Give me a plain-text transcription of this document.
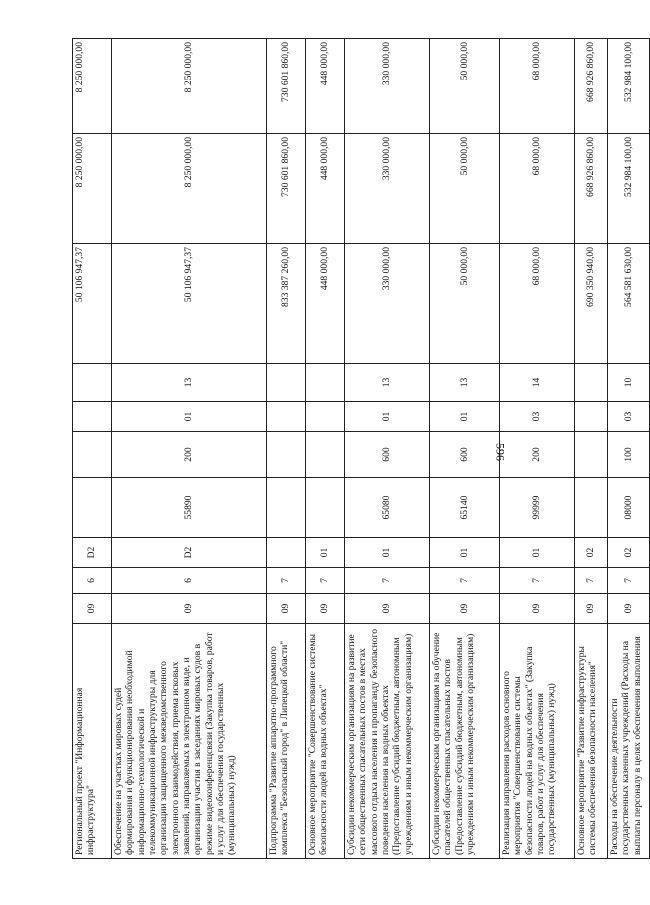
596
Региональный проект "Информационная инфраструктура"	09	6	D2					50 106 947,37	8 250 000,00	8 250 000,00
Обеспечение на участках мировых судей формирования и функционирования необходимой информационно-технологической и телекоммуникационной инфраструктуры для организации защищенного межведомственного электронного взаимодействия, приема исковых заявлений, направляемых в электронном виде, и организации участия в заседаниях мировых судов в режиме видеоконференцсвязи (Закупка товаров, работ и услуг для обеспечения государственных (муниципальных) нужд)	09	6	D2	55890	200	01	13	50 106 947,37	8 250 000,00	8 250 000,00
Подпрограмма "Развитие аппаратно-программного комплекса "Безопасный город" в Липецкой области"	09	7						833 387 260,00	730 601 860,00	730 601 860,00
Основное мероприятие "Совершенствование системы безопасности людей на водных объектах"	09	7	01					448 000,00	448 000,00	448 000,00
Субсидии некоммерческим организациям на развитие сети общественных спасательных постов в местах массового отдыха населения и пропаганду безопасного поведения населения на водных объектах (Предоставление субсидий бюджетным, автономным учреждениям и иным некоммерческим организациям)	09	7	01	65080	600	01	13	330 000,00	330 000,00	330 000,00
Субсидии некоммерческим организациям на обучение спасателей общественных спасательных постов (Предоставление субсидий бюджетным, автономным учреждениям и иным некоммерческим организациям)	09	7	01	65140	600	01	13	50 000,00	50 000,00	50 000,00
Реализация направления расходов основного мероприятия "Совершенствование системы безопасности людей на водных объектах" (Закупка товаров, работ и услуг для обеспечения государственных (муниципальных) нужд)	09	7	01	99999	200	03	14	68 000,00	68 000,00	68 000,00
Основное мероприятие "Развитие инфраструктуры системы обеспечения безопасности населения"	09	7	02					690 350 940,00	668 926 860,00	668 926 860,00
Расходы на обеспечение деятельности государственных казенных учреждений (Расходы на выплаты персоналу в целях обеспечения выполнения	09	7	02	08000	100	03	10	564 581 630,00	532 984 100,00	532 984 100,00
